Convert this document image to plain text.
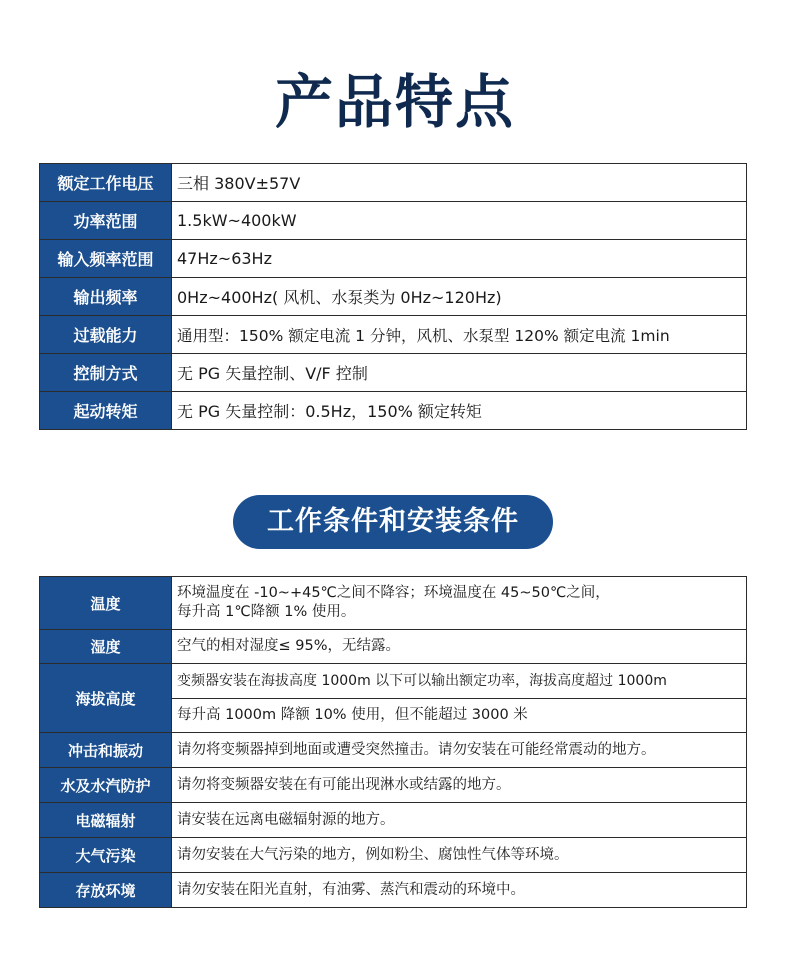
产品特点
额定工作电压	三相 380V±57V
功率范围	1.5kW~400kW
输入频率范围	47Hz~63Hz
输出频率	0Hz~400Hz( 风机、水泵类为 0Hz~120Hz)
过载能力	通用型：150% 额定电流 1 分钟，风机、水泵型 120% 额定电流 1min
控制方式	无 PG 矢量控制、V/F 控制
起动转矩	无 PG 矢量控制：0.5Hz，150% 额定转矩
工作条件和安装条件
温度	环境温度在 -10~+45℃之间不降容；环境温度在 45~50℃之间，
每升高 1℃降额 1% 使用。

湿度	空气的相对湿度≤ 95%，无结露。
海拔高度	变频器安装在海拔高度 1000m 以下可以输出额定功率，海拔高度超过 1000m
	每升高 1000m 降额 10% 使用，但不能超过 3000 米
冲击和振动	请勿将变频器掉到地面或遭受突然撞击。请勿安装在可能经常震动的地方。
水及水汽防护	请勿将变频器安装在有可能出现淋水或结露的地方。
电磁辐射	请安装在远离电磁辐射源的地方。
大气污染	请勿安装在大气污染的地方，例如粉尘、腐蚀性气体等环境。
存放环境	请勿安装在阳光直射，有油雾、蒸汽和震动的环境中。
